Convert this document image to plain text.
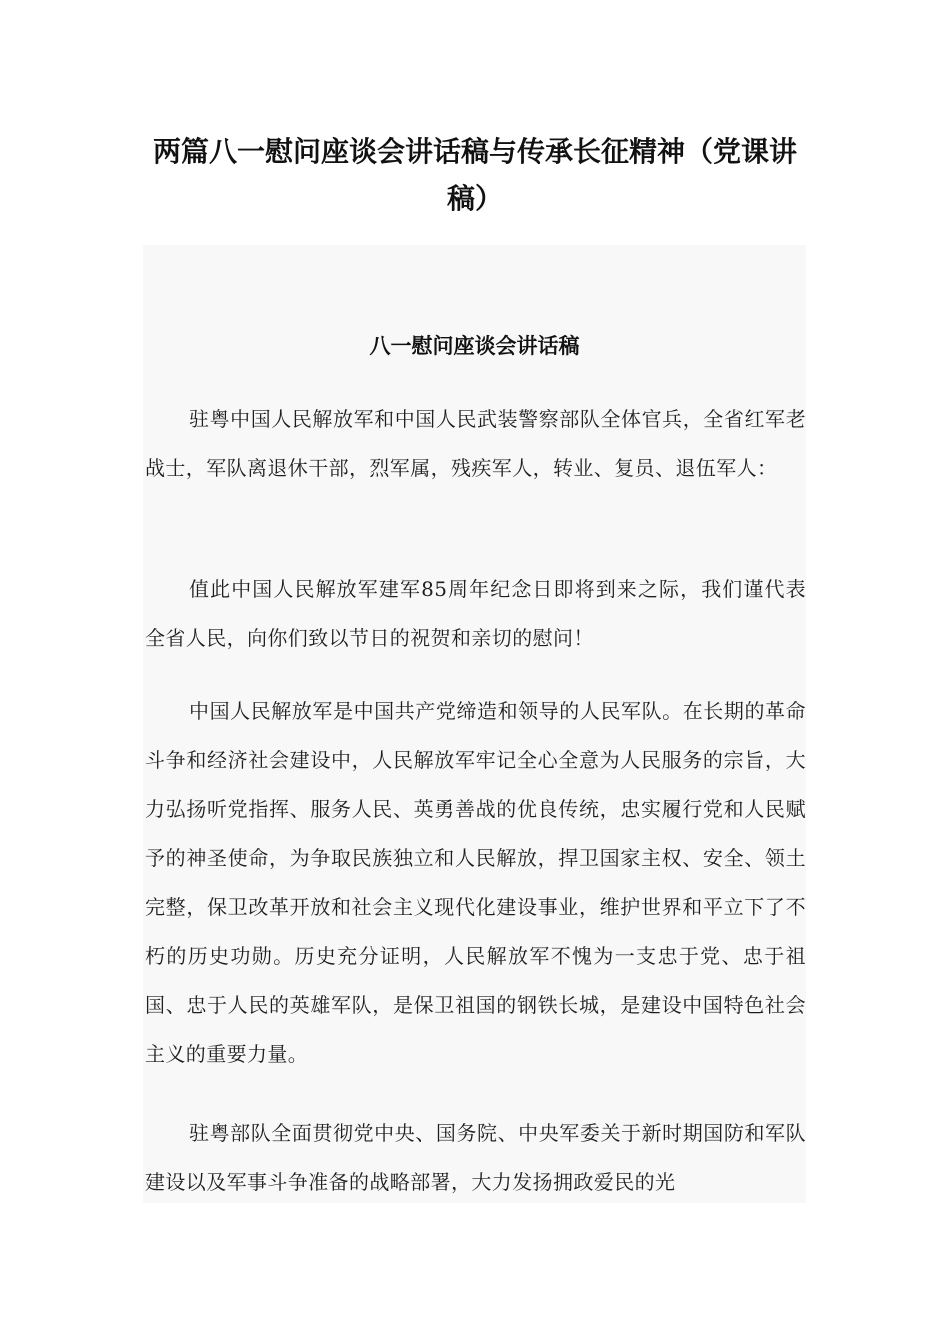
两篇八一慰问座谈会讲话稿与传承长征精神（党课讲稿）
八一慰问座谈会讲话稿

驻粤中国人民解放军和中国人民武装警察部队全体官兵，全省红军老战士，军队离退休干部，烈军属，残疾军人，转业、复员、退伍军人：

值此中国人民解放军建军85周年纪念日即将到来之际，我们谨代表全省人民，向你们致以节日的祝贺和亲切的慰问！

中国人民解放军是中国共产党缔造和领导的人民军队。在长期的革命斗争和经济社会建设中，人民解放军牢记全心全意为人民服务的宗旨，大力弘扬听党指挥、服务人民、英勇善战的优良传统，忠实履行党和人民赋予的神圣使命，为争取民族独立和人民解放，捍卫国家主权、安全、领土完整，保卫改革开放和社会主义现代化建设事业，维护世界和平立下了不朽的历史功勋。历史充分证明，人民解放军不愧为一支忠于党、忠于祖国、忠于人民的英雄军队，是保卫祖国的钢铁长城，是建设中国特色社会主义的重要力量。

驻粤部队全面贯彻党中央、国务院、中央军委关于新时期国防和军队建设以及军事斗争准备的战略部署，大力发扬拥政爱民的光
